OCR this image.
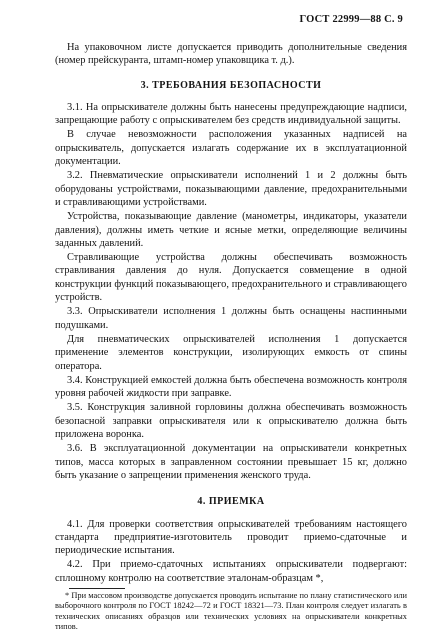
ГОСТ 22999—88 С. 9

На упаковочном листе допускается приводить дополнительные сведения (номер прейскуранта, штамп-номер упаковщика т. д.).

3. ТРЕБОВАНИЯ БЕЗОПАСНОСТИ

3.1. На опрыскивателе должны быть нанесены предупреждающие надписи, запрещающие работу с опрыскивателем без средств индивидуальной защиты.

В случае невозможности расположения указанных надписей на опрыскиватель, допускается излагать содержание их в эксплуатационной документации.

3.2. Пневматические опрыскиватели исполнений 1 и 2 должны быть оборудованы устройствами, показывающими давление, предохранительными и стравливающими устройствами.

Устройства, показывающие давление (манометры, индикаторы, указатели давления), должны иметь четкие и ясные метки, определяющие величины заданных давлений.

Стравливающие устройства должны обеспечивать возможность стравливания давления до нуля. Допускается совмещение в одной конструкции функций показывающего, предохранительного и стравливающего устройств.

3.3. Опрыскиватели исполнения 1 должны быть оснащены наспинными подушками.

Для пневматических опрыскивателей исполнения 1 допускается применение элементов конструкции, изолирующих емкость от спины оператора.

3.4. Конструкцией емкостей должна быть обеспечена возможность контроля уровня рабочей жидкости при заправке.

3.5. Конструкция заливной горловины должна обеспечивать возможность безопасной заправки опрыскивателя или к опрыскивателю должна быть приложена воронка.

3.6. В эксплуатационной документации на опрыскиватели конкретных типов, масса которых в заправленном состоянии превышает 15 кг, должно быть указание о запрещении применения женского труда.

4. ПРИЕМКА

4.1. Для проверки соответствия опрыскивателей требованиям настоящего стандарта предприятие-изготовитель проводит приемо-сдаточные и периодические испытания.

4.2. При приемо-сдаточных испытаниях опрыскиватели подвергают: сплошному контролю на соответствие эталонам-образцам *,

* При массовом производстве допускается проводить испытание по плану статистического или выборочного контроля по ГОСТ 18242—72 и ГОСТ 18321—73. План контроля следует излагать в технических описаниях образцов или технических условиях на опрыскиватели конкретных типов.
